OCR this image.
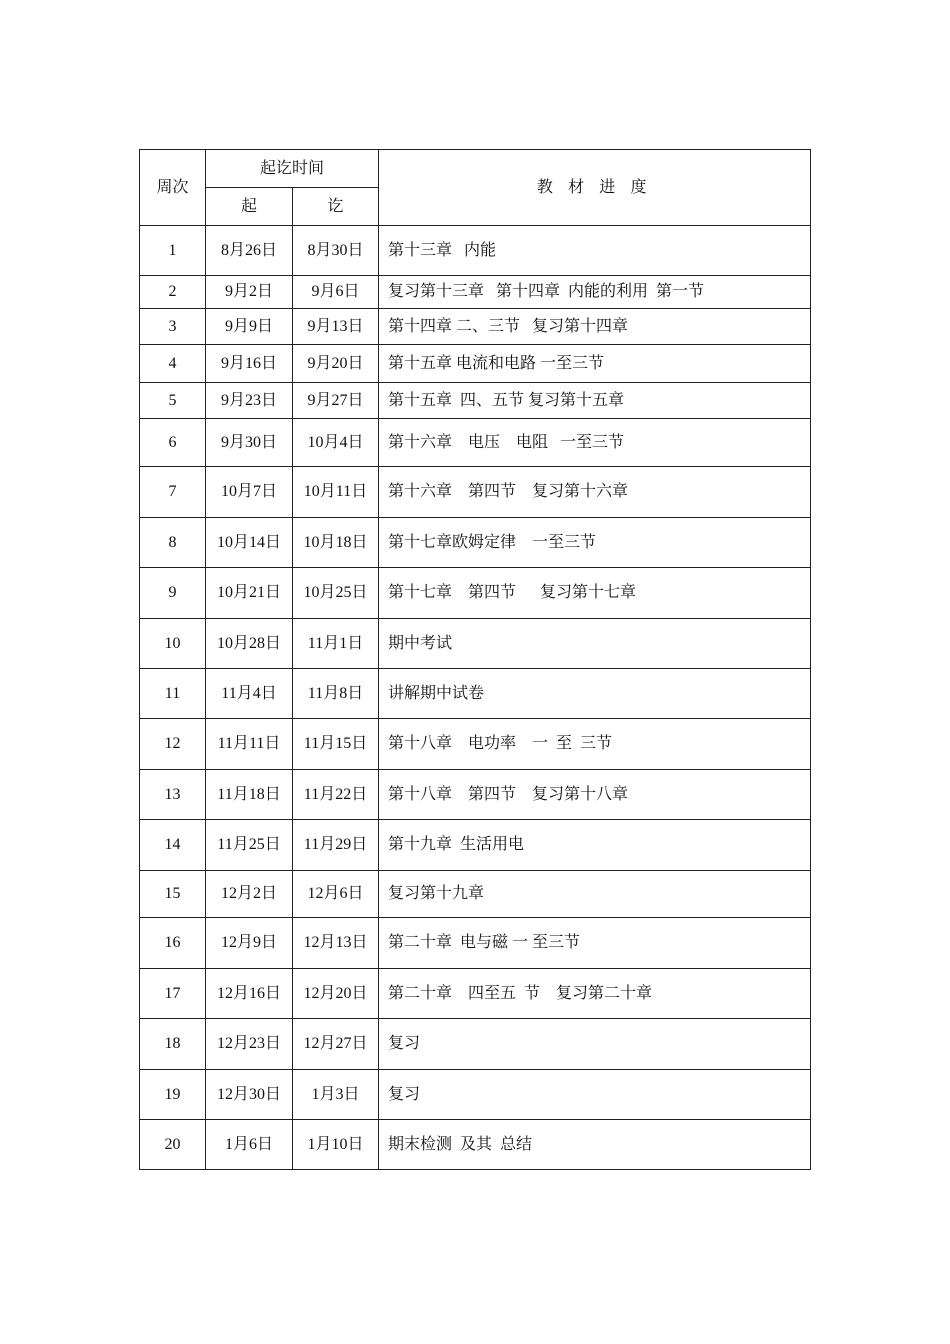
周次	起讫时间		教 材 进 度
	起	讫	
1	8月26日	8月30日	第十三章   内能
2	9月2日	9月6日	复习第十三章   第十四章  内能的利用  第一节
3	9月9日	9月13日	第十四章 二、三节   复习第十四章
4	9月16日	9月20日	第十五章 电流和电路 一至三节
5	9月23日	9月27日	第十五章  四、五节 复习第十五章
6	9月30日	10月4日	第十六章    电压    电阻   一至三节
7	10月7日	10月11日	第十六章    第四节    复习第十六章
8	10月14日	10月18日	第十七章欧姆定律    一至三节
9	10月21日	10月25日	第十七章    第四节      复习第十七章
10	10月28日	11月1日	期中考试
11	11月4日	11月8日	讲解期中试卷
12	11月11日	11月15日	第十八章    电功率    一  至  三节
13	11月18日	11月22日	第十八章    第四节    复习第十八章
14	11月25日	11月29日	第十九章  生活用电
15	12月2日	12月6日	复习第十九章
16	12月9日	12月13日	第二十章  电与磁 一 至三节
17	12月16日	12月20日	第二十章    四至五  节    复习第二十章
18	12月23日	12月27日	复习
19	12月30日	1月3日	复习
20	1月6日	1月10日	期末检测  及其  总结
